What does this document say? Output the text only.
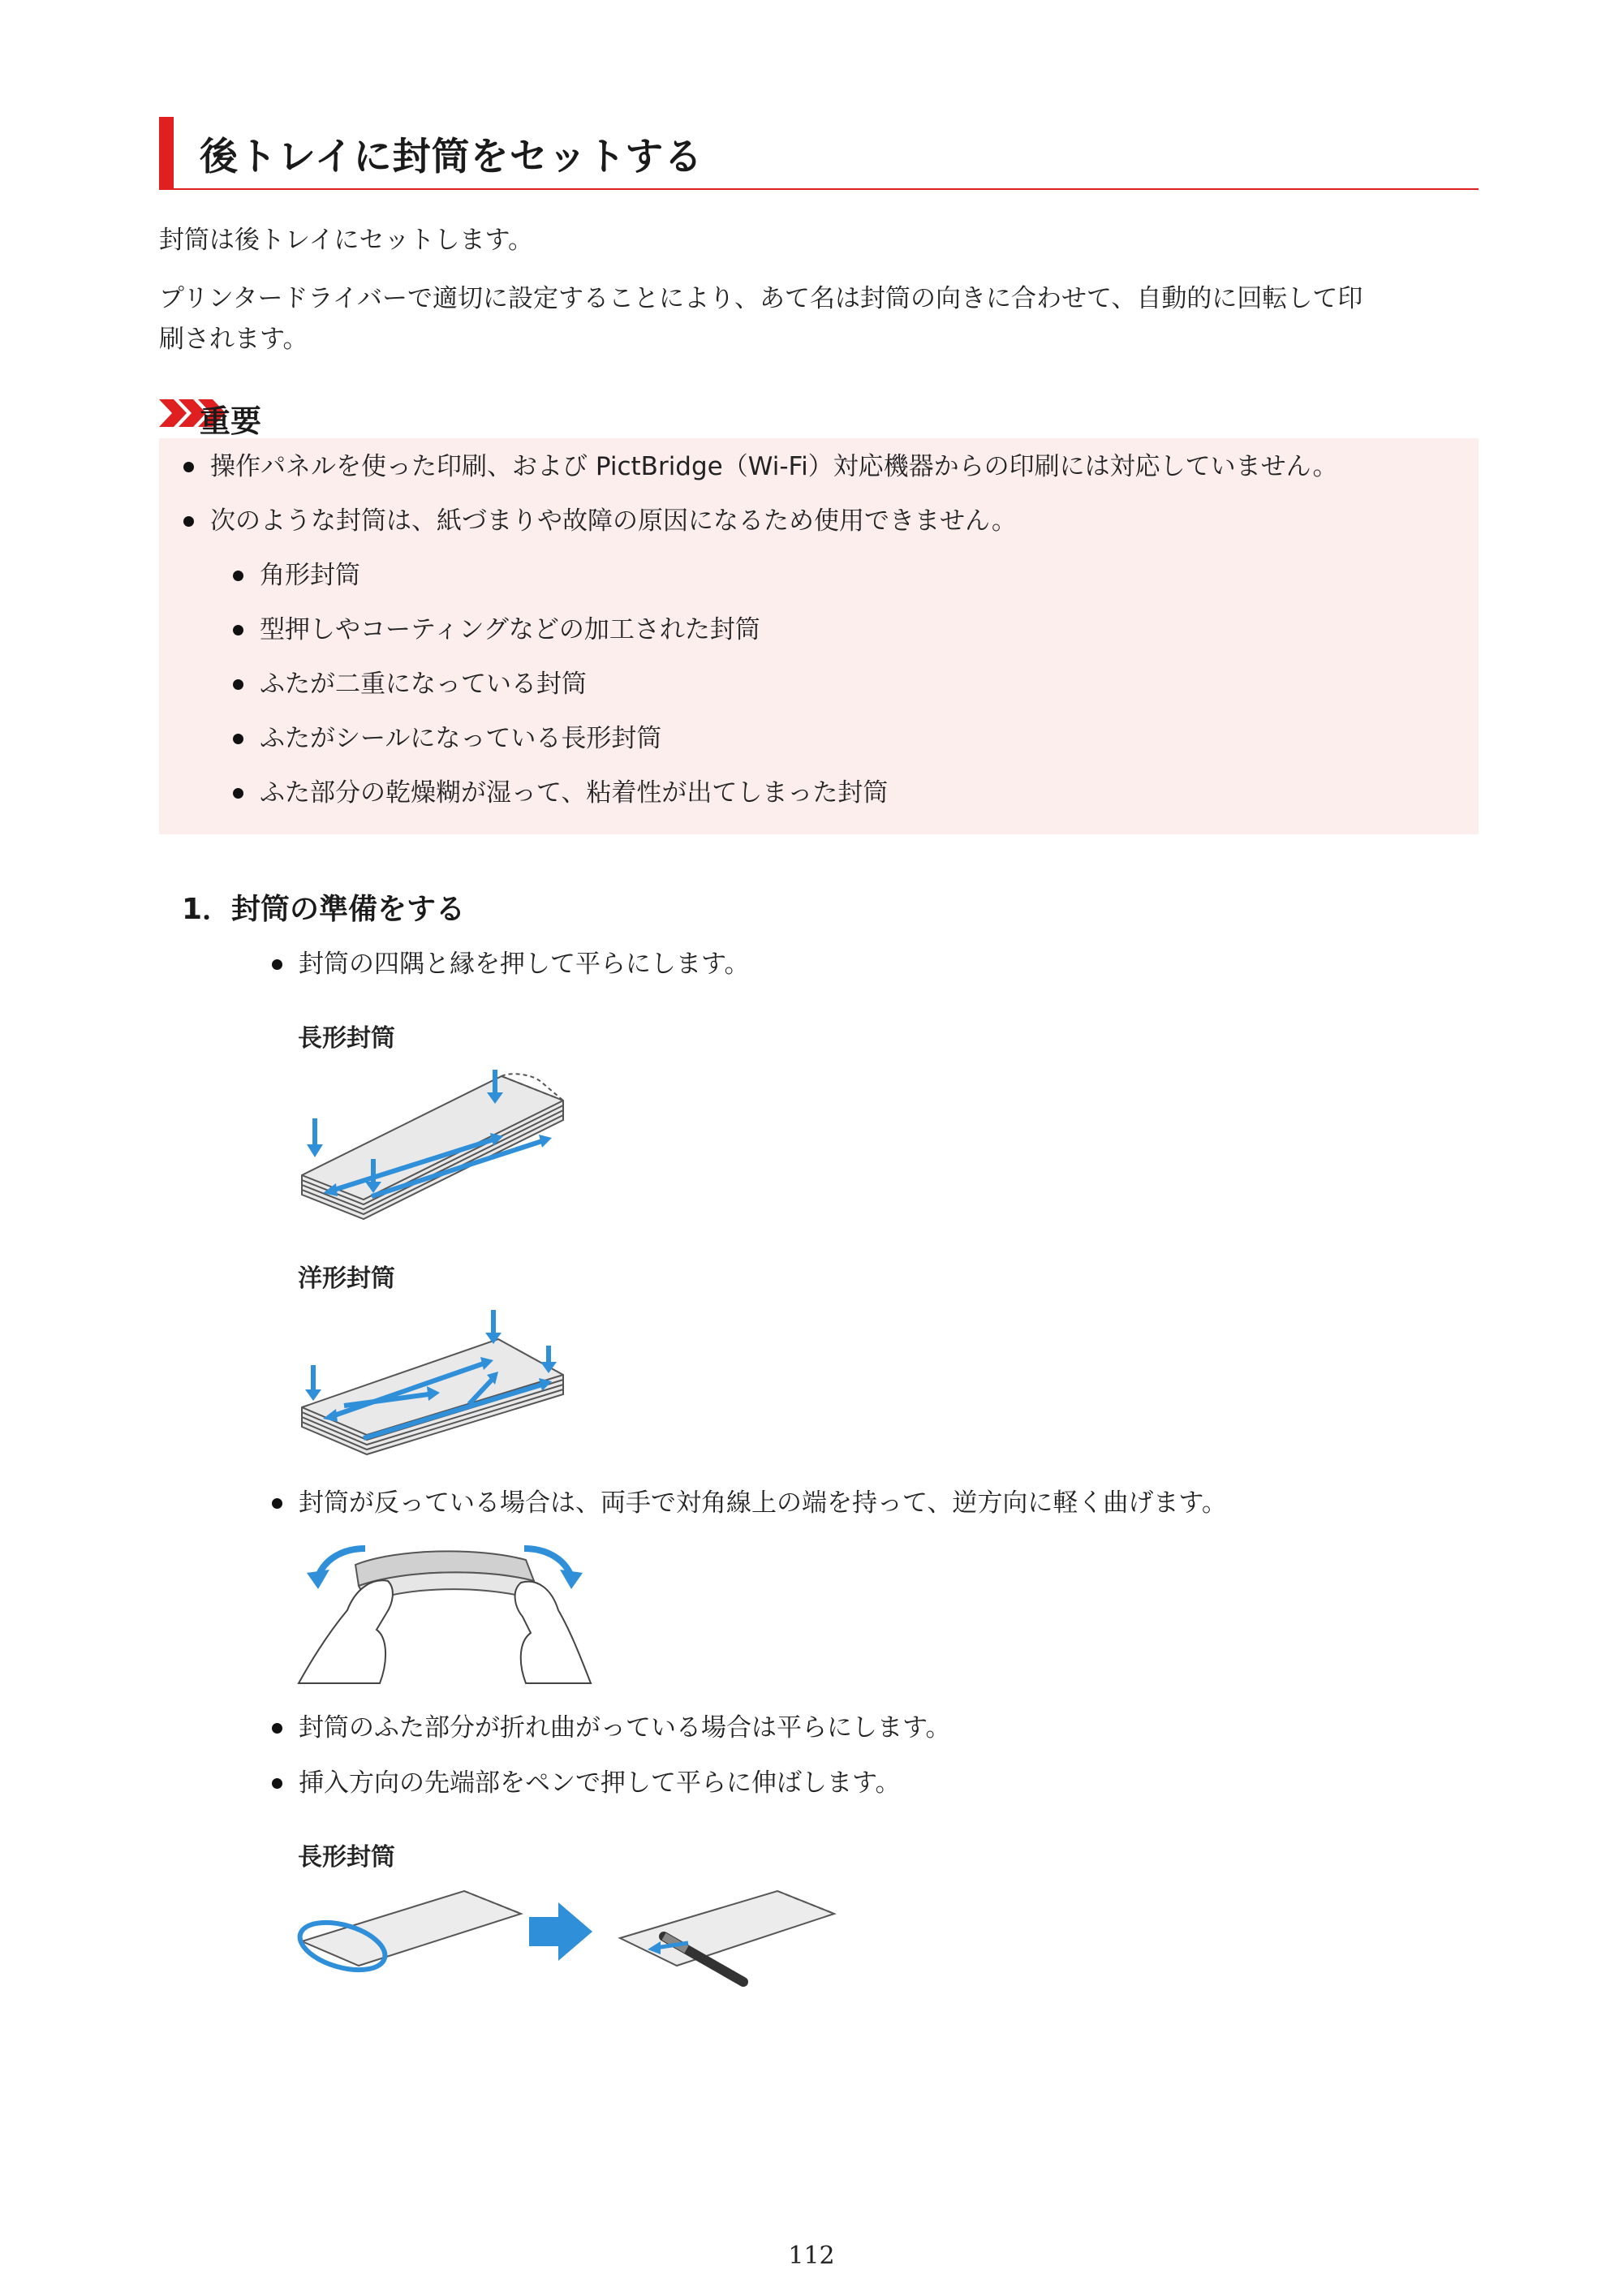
後トレイに封筒をセットする
封筒は後トレイにセットします。
プリンタードライバーで適切に設定することにより、あて名は封筒の向きに合わせて、自動的に回転して印
刷されます。
重要
操作パネルを使った印刷、および PictBridge（Wi-Fi）対応機器からの印刷には対応していません。
次のような封筒は、紙づまりや故障の原因になるため使用できません。
角形封筒
型押しやコーティングなどの加工された封筒
ふたが二重になっている封筒
ふたがシールになっている長形封筒
ふた部分の乾燥糊が湿って、粘着性が出てしまった封筒
1．封筒の準備をする
封筒の四隅と縁を押して平らにします。
長形封筒
洋形封筒
封筒が反っている場合は、両手で対角線上の端を持って、逆方向に軽く曲げます。
封筒のふた部分が折れ曲がっている場合は平らにします。
挿入方向の先端部をペンで押して平らに伸ばします。
長形封筒
112
